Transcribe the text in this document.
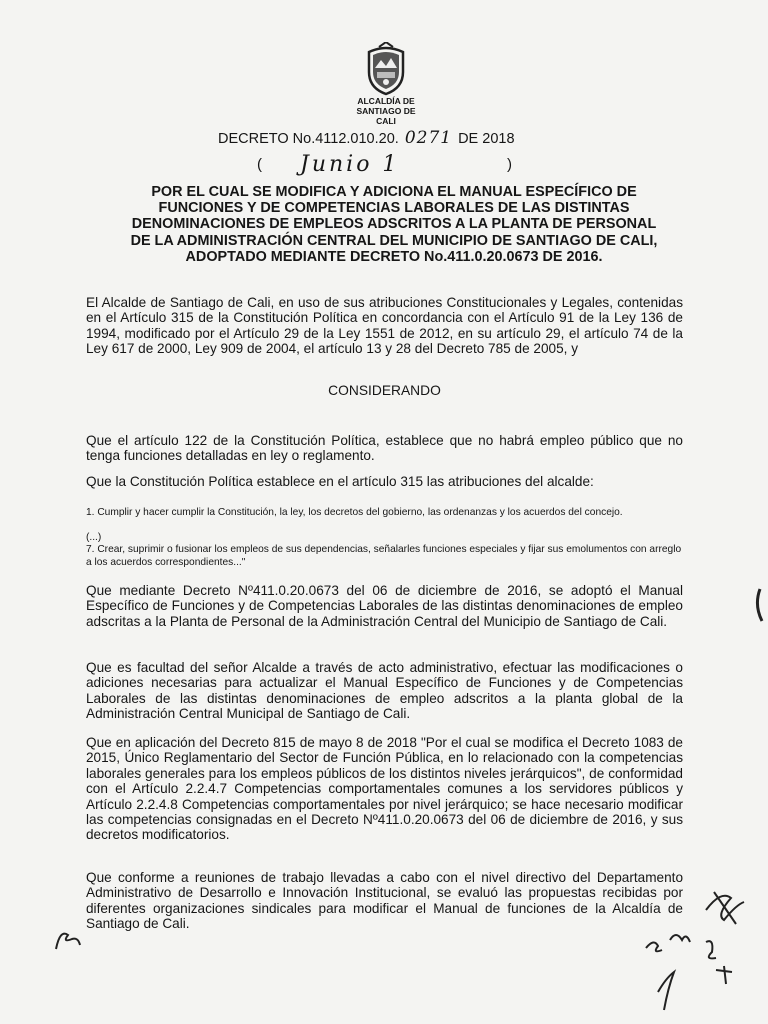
ALCALDÍA DE
SANTIAGO DE CALI
DECRETO No.4112.010.20. 0271 DE 2018
( Junio 1	)
POR EL CUAL SE MODIFICA Y ADICIONA EL MANUAL ESPECÍFICO DE FUNCIONES Y DE COMPETENCIAS LABORALES DE LAS DISTINTAS DENOMINACIONES DE EMPLEOS ADSCRITOS A LA PLANTA DE PERSONAL DE LA ADMINISTRACIÓN CENTRAL DEL MUNICIPIO DE SANTIAGO DE CALI, ADOPTADO MEDIANTE DECRETO No.411.0.20.0673 DE 2016.
El Alcalde de Santiago de Cali, en uso de sus atribuciones Constitucionales y Legales, contenidas en el Artículo 315 de la Constitución Política en concordancia con el Artículo 91 de la Ley 136 de 1994, modificado por el Artículo 29 de la Ley 1551 de 2012, en su artículo 29, el artículo 74 de la Ley 617 de 2000, Ley 909 de 2004, el artículo 13 y 28 del Decreto 785 de 2005, y
CONSIDERANDO
Que el artículo 122 de la Constitución Política, establece que no habrá empleo público que no tenga funciones detalladas en ley o reglamento.
Que la Constitución Política establece en el artículo 315 las atribuciones del alcalde:
1. Cumplir y hacer cumplir la Constitución, la ley, los decretos del gobierno, las ordenanzas y los acuerdos del concejo.
(...)
7. Crear, suprimir o fusionar los empleos de sus dependencias, señalarles funciones especiales y fijar sus emolumentos con arreglo a los acuerdos correspondientes..."
Que mediante Decreto Nº411.0.20.0673 del 06 de diciembre de 2016, se adoptó el Manual Específico de Funciones y de Competencias Laborales de las distintas denominaciones de empleo adscritas a la Planta de Personal de la Administración Central del Municipio de Santiago de Cali.
Que es facultad del señor Alcalde a través de acto administrativo, efectuar las modificaciones o adiciones necesarias para actualizar el Manual Específico de Funciones y de Competencias Laborales de las distintas denominaciones de empleo adscritos a la planta global de la Administración Central Municipal de Santiago de Cali.
Que en aplicación del Decreto 815 de mayo 8 de 2018 "Por el cual se modifica el Decreto 1083 de 2015, Único Reglamentario del Sector de Función Pública, en lo relacionado con la competencias laborales generales para los empleos públicos de los distintos niveles jerárquicos", de conformidad con el Artículo 2.2.4.7 Competencias comportamentales comunes a los servidores públicos y Artículo 2.2.4.8 Competencias comportamentales por nivel jerárquico; se hace necesario modificar las competencias consignadas en el Decreto Nº411.0.20.0673 del 06 de diciembre de 2016, y sus decretos modificatorios.
Que conforme a reuniones de trabajo llevadas a cabo con el nivel directivo del Departamento Administrativo de Desarrollo e Innovación Institucional, se evaluó las propuestas recibidas por diferentes organizaciones sindicales para modificar el Manual de funciones de la Alcaldía de Santiago de Cali.
